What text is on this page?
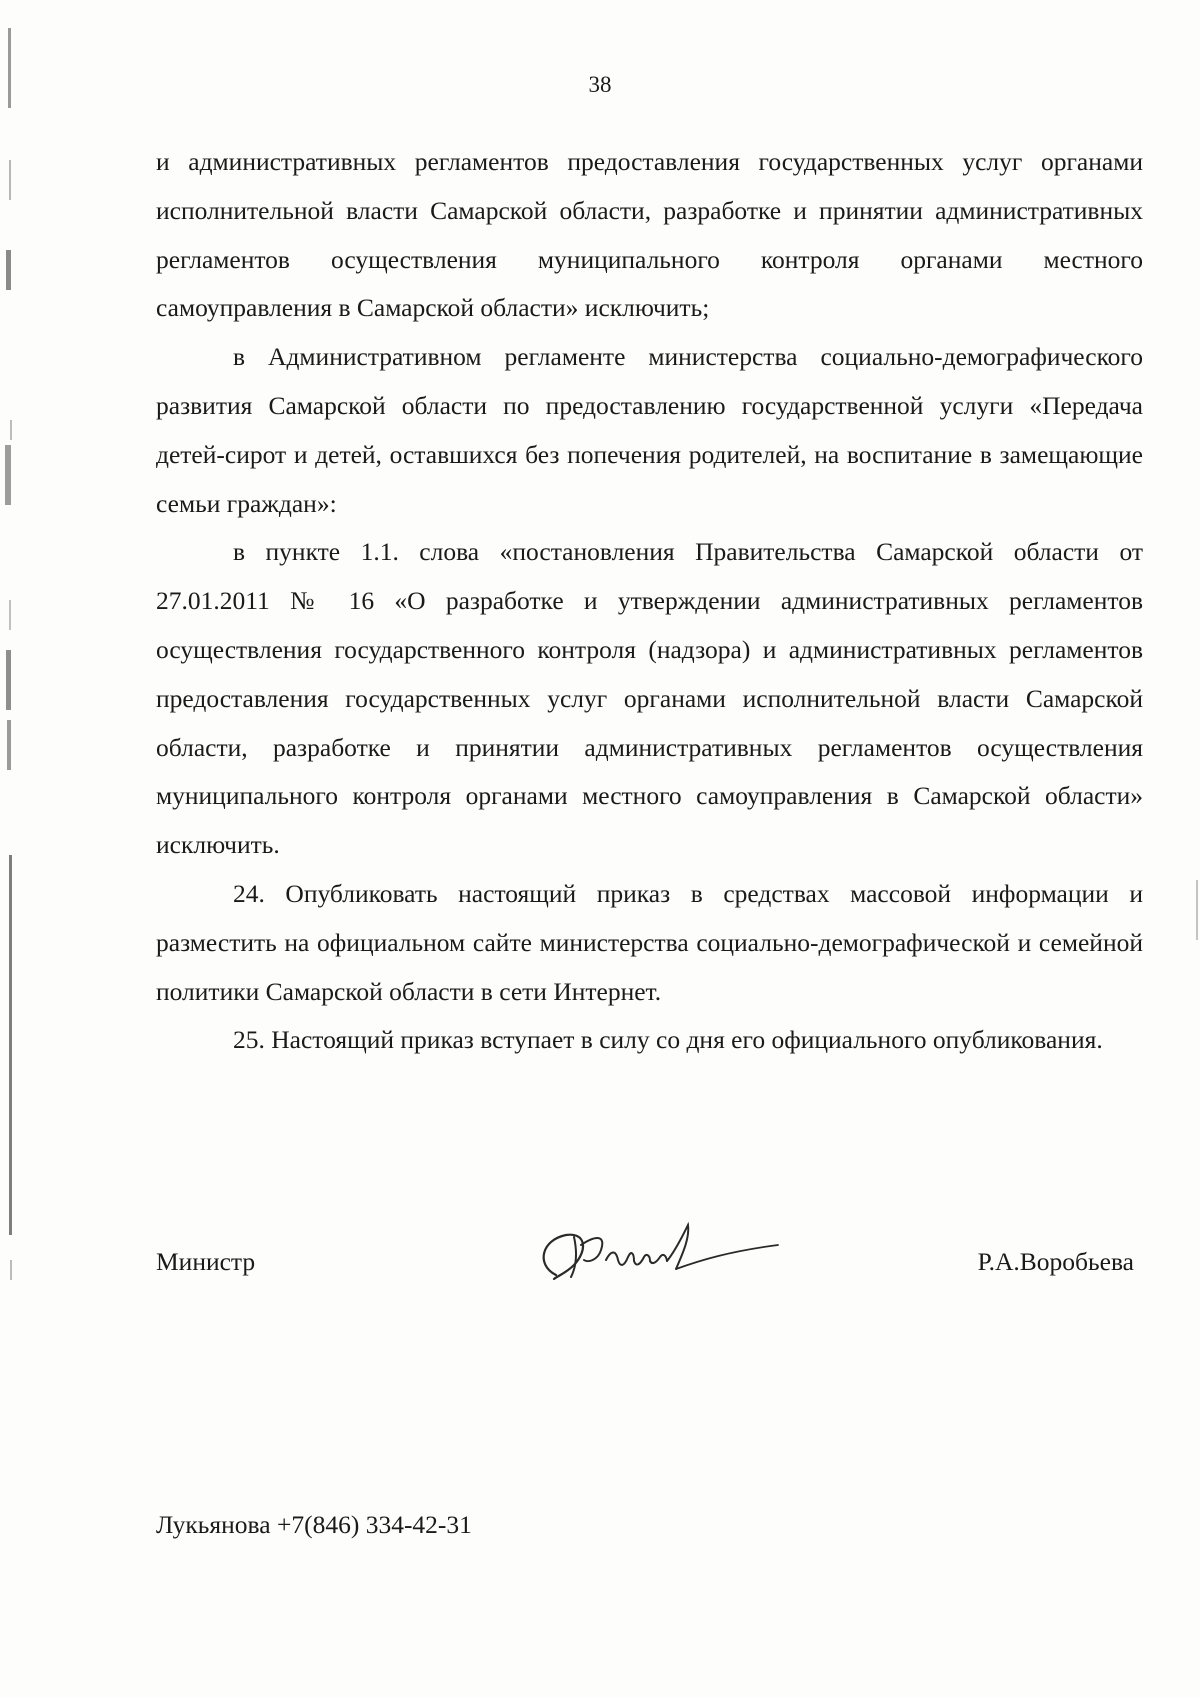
38

и административных регламентов предоставления государственных услуг органами исполнительной власти Самарской области, разработке и принятии административных регламентов осуществления муниципального контроля органами местного самоуправления в Самарской области» исключить;

в Административном регламенте министерства социально-демографического развития Самарской области по предоставлению государственной услуги «Передача детей-сирот и детей, оставшихся без попечения родителей, на воспитание в замещающие семьи граждан»:

в пункте 1.1. слова «постановления Правительства Самарской области от 27.01.2011 № 16 «О разработке и утверждении административных регламентов осуществления государственного контроля (надзора) и административных регламентов предоставления государственных услуг органами исполнительной власти Самарской области, разработке и принятии административных регламентов осуществления муниципального контроля органами местного самоуправления в Самарской области» исключить.

24. Опубликовать настоящий приказ в средствах массовой информации и разместить на официальном сайте министерства социально-демографической и семейной политики Самарской области в сети Интернет.

25. Настоящий приказ вступает в силу со дня его официального опубликования.

Министр	Р.А.Воробьева
Лукьянова +7(846) 334-42-31
